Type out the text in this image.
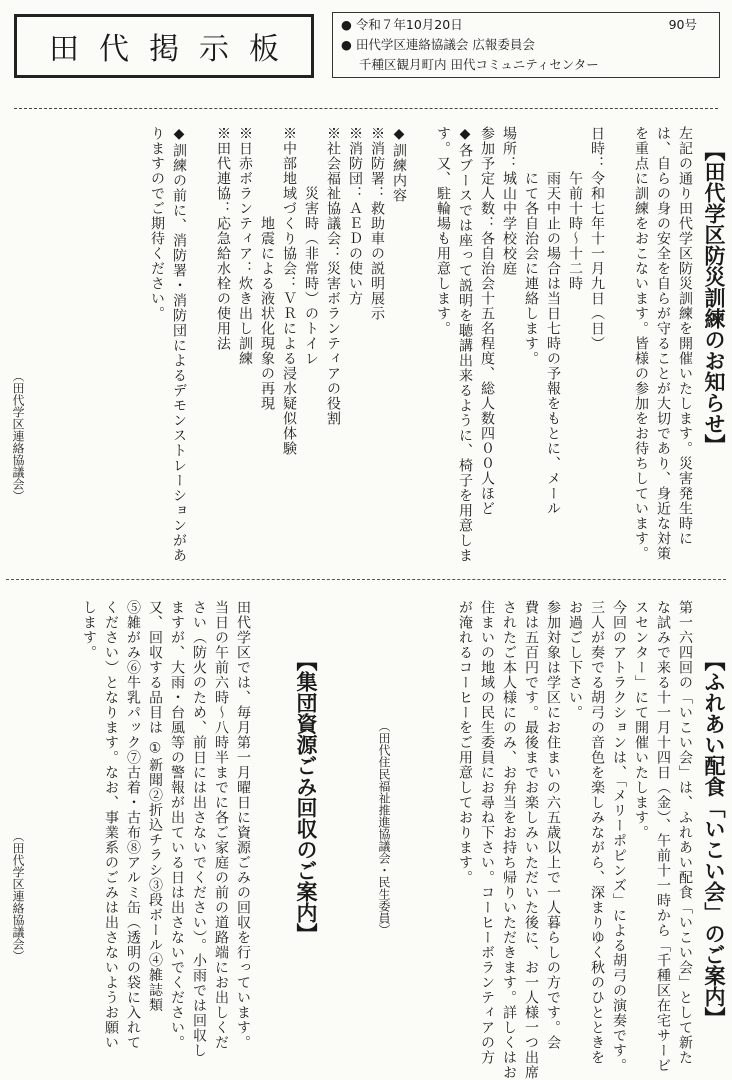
田代掲示板
● 令和７年10月20日	90号
● 田代学区連絡協議会 広報委員会
千種区観月町内 田代コミュニティセンター
【田代学区防災訓練のお知らせ】
左記の通り田代学区防災訓練を開催いたします。災害発生時に
は、自らの身の安全を自らが守ることが大切であり、身近な対策
を重点に訓練をおこないます。皆様の参加をお待ちしています。

日時：令和七年十一月九日（日）
　　　午前十時〜十二時
　　　雨天中止の場合は当日七時の予報をもとに、メール
　　　にて各自治会に連絡します。
場所：城山中学校校庭
参加予定人数：各自治会十五名程度、総人数四００人ほど
◆各ブースでは座って説明を聴講出来るように、椅子を用意しま
す。又、駐輪場も用意します。

◆訓練内容
※消防署：救助車の説明展示
※消防団：ＡＥＤの使い方
※社会福祉協議会：災害ボランティアの役割
　　　　災害時（非常時）のトイレ
※中部地域づくり協会：ＶＲによる浸水疑似体験
　　　　　　地震による液状化現象の再現
※日赤ボランティア：炊き出し訓練
※田代連協：応急給水栓の使用法

◆訓練の前に、消防署・消防団によるデモンストレーションがあ
りますのでご期待ください。
（田代学区連絡協議会）
【ふれあい配食「いこい会」のご案内】
第一六四回の「いこい会」は、ふれあい配食「いこい会」として新た
な試みで来る十一月十四日（金）、午前十一時から「千種区在宅サービ
スセンター」にて開催いたします。
今回のアトラクションは、「メリーポピンズ」による胡弓の演奏です。
三人が奏でる胡弓の音色を楽しみながら、深まりゆく秋のひとときを
お過ごし下さい。
参加対象は学区にお住まいの六五歳以上で一人暮らしの方です。会
費は五百円です。最後までお楽しみいただいた後に、お一人様一つ出席
されたご本人様にのみ、お弁当をお持ち帰りいただきます。詳しくはお
住まいの地域の民生委員にお尋ね下さい。コーヒーボランティアの方
が淹れるコーヒーをご用意しております。
（田代住民福祉推進協議会・民生委員）
【集団資源ごみ回収のご案内】
田代学区では、毎月第一月曜日に資源ごみの回収を行っています。
当日の午前六時〜八時半までに各ご家庭の前の道路端にお出しくだ
さい（防火のため、前日には出さないでください）。小雨では回収し
ますが、大雨・台風等の警報が出ている日は出さないでください。
又、回収する品目は ①新聞②折込チラシ③段ボール④雑誌類
⑤雑がみ⑥牛乳パック⑦古着・古布⑧アルミ缶（透明の袋に入れて
ください）となります。なお、事業系のごみは出さないようお願い
します。
（田代学区連絡協議会）
